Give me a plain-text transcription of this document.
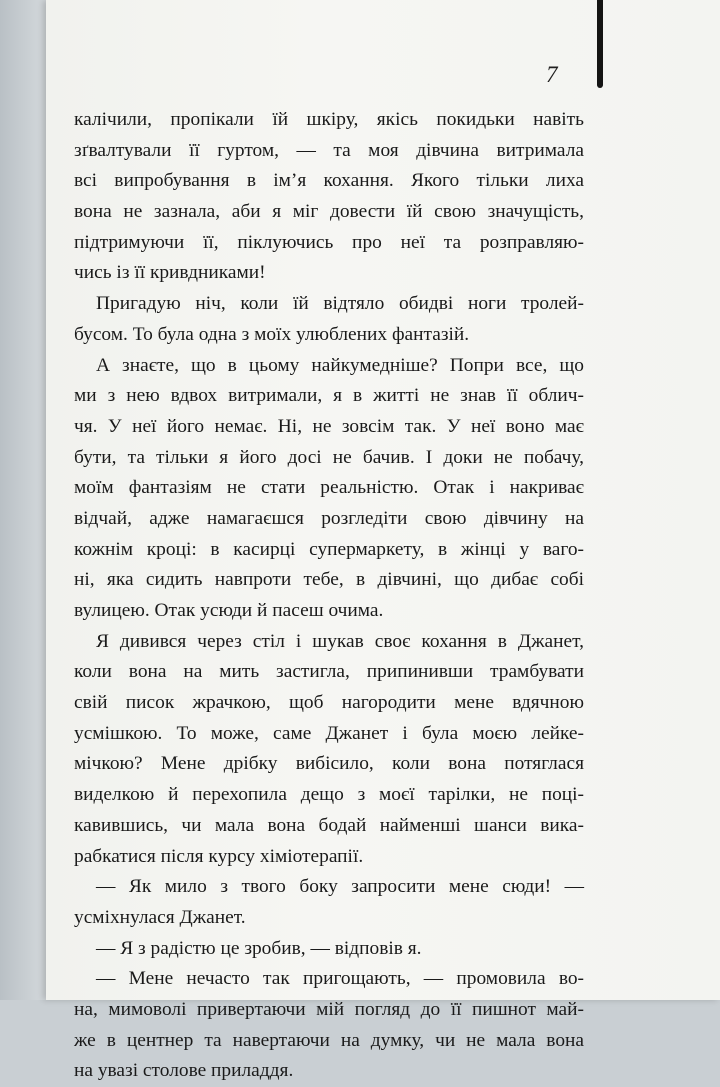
7
калічили, пропікали їй шкіру, якісь покидьки навіть
зґвалтували її гуртом, — та моя дівчина витримала
всі випробування в ім’я кохання. Якого тільки лиха
вона не зазнала, аби я міг довести їй свою значущість,
підтримуючи її, піклуючись про неї та розправляю-
чись із її кривдниками!
Пригадую ніч, коли їй відтяло обидві ноги тролей-
бусом. То була одна з моїх улюблених фантазій.
А знаєте, що в цьому найкумедніше? Попри все, що
ми з нею вдвох витримали, я в житті не знав її облич-
чя. У неї його немає. Ні, не зовсім так. У неї воно має
бути, та тільки я його досі не бачив. І доки не побачу,
моїм фантазіям не стати реальністю. Отак і накриває
відчай, адже намагаєшся розгледіти свою дівчину на
кожнім кроці: в касирці супермаркету, в жінці у ваго-
ні, яка сидить навпроти тебе, в дівчині, що дибає собі
вулицею. Отак усюди й пасеш очима.
Я дивився через стіл і шукав своє кохання в Джанет,
коли вона на мить застигла, припинивши трамбувати
свій писок жрачкою, щоб нагородити мене вдячною
усмішкою. То може, саме Джанет і була моєю лейке-
мічкою? Мене дрібку вибісило, коли вона потяглася
виделкою й перехопила дещо з моєї тарілки, не поці-
кавившись, чи мала вона бодай найменші шанси вика-
рабкатися після курсу хіміотерапії.
— Як мило з твого боку запросити мене сюди! —
усміхнулася Джанет.
— Я з радістю це зробив, — відповів я.
— Мене нечасто так пригощають, — промовила во-
на, мимоволі привертаючи мій погляд до її пишнот май-
же в центнер та навертаючи на думку, чи не мала вона
на увазі столове приладдя.
